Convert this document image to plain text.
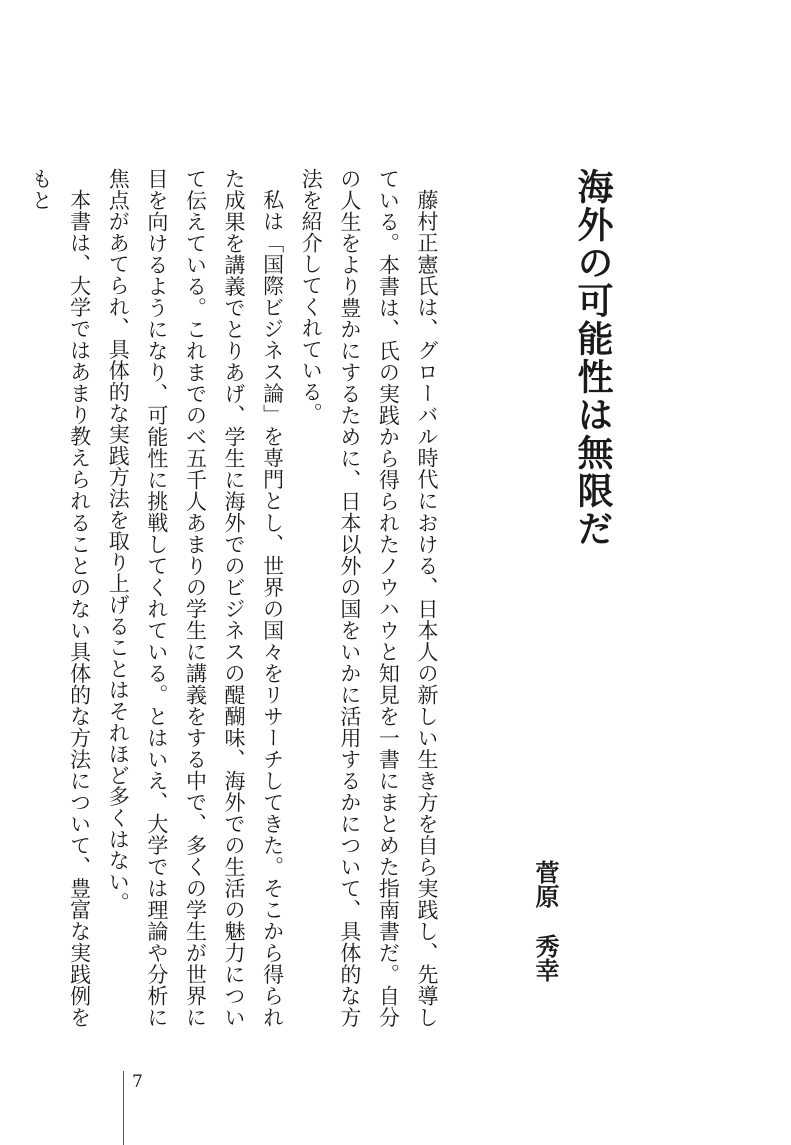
海外の可能性は無限だ
菅原秀幸

藤村正憲氏は、グローバル時代における、日本人の新しい生き方を自ら実践し、先導している。本書は、氏の実践から得られたノウハウと知見を一書にまとめた指南書だ。自分の人生をより豊かにするために、日本以外の国をいかに活用するかについて、具体的な方法を紹介してくれている。

私は「国際ビジネス論」を専門とし、世界の国々をリサーチしてきた。そこから得られた成果を講義でとりあげ、学生に海外でのビジネスの醍醐味、海外での生活の魅力について伝えている。これまでのべ五千人あまりの学生に講義をする中で、多くの学生が世界に目を向けるようになり、可能性に挑戦してくれている。とはいえ、大学では理論や分析に焦点があてられ、具体的な実践方法を取り上げることはそれほど多くはない。

本書は、大学ではあまり教えられることのない具体的な方法について、豊富な実践例をもと

7
